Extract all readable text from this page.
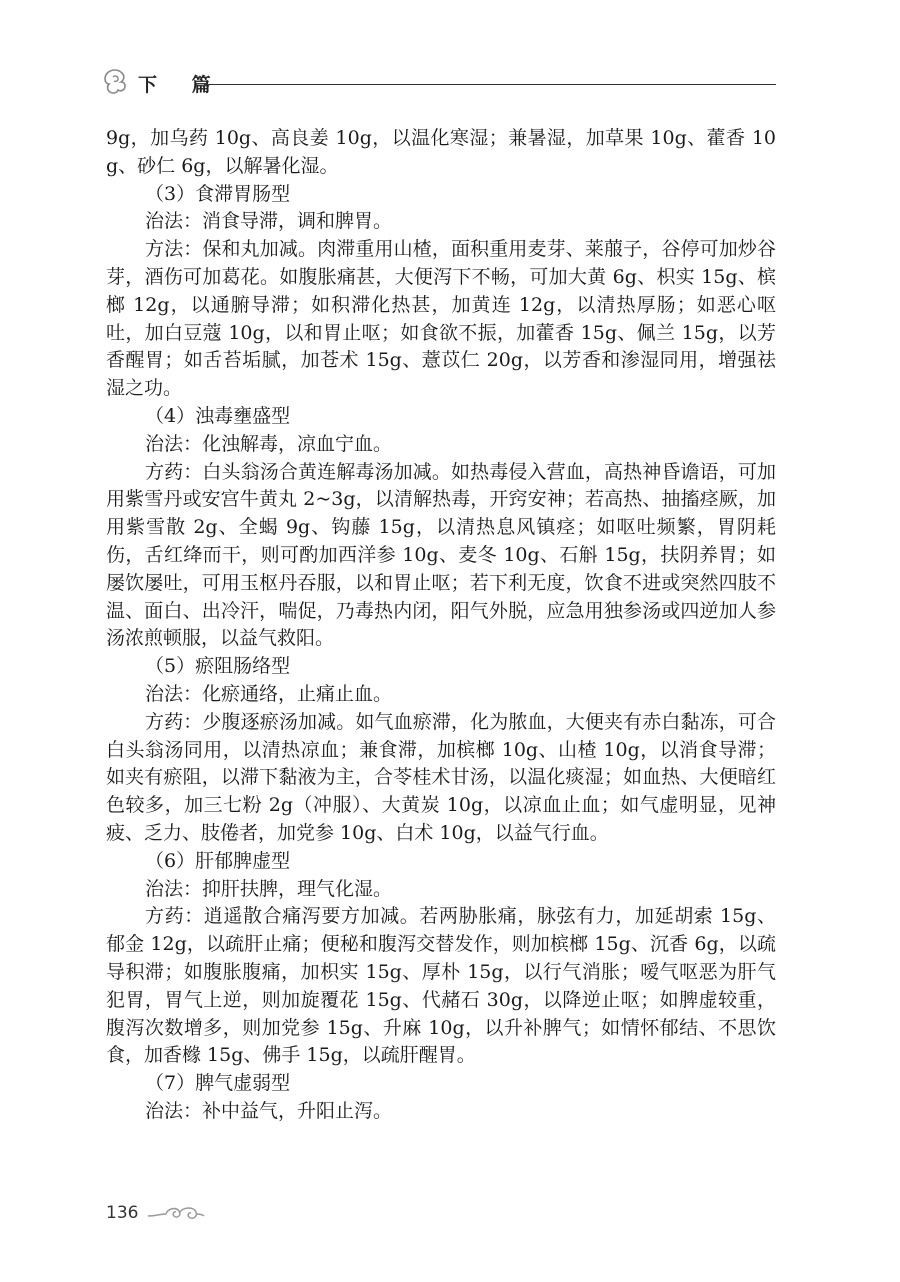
下 篇

9g，加乌药 10g、高良姜 10g，以温化寒湿；兼暑湿，加草果 10g、藿香 10g、砂仁 6g，以解暑化湿。

（3）食滞胃肠型

治法：消食导滞，调和脾胃。

方法：保和丸加减。肉滞重用山楂，面积重用麦芽、莱菔子，谷停可加炒谷芽，酒伤可加葛花。如腹胀痛甚，大便泻下不畅，可加大黄 6g、枳实 15g、槟榔 12g，以通腑导滞；如积滞化热甚，加黄连 12g，以清热厚肠；如恶心呕吐，加白豆蔻 10g，以和胃止呕；如食欲不振，加藿香 15g、佩兰 15g，以芳香醒胃；如舌苔垢腻，加苍术 15g、薏苡仁 20g，以芳香和渗湿同用，增强祛湿之功。

（4）浊毒壅盛型

治法：化浊解毒，凉血宁血。

方药：白头翁汤合黄连解毒汤加减。如热毒侵入营血，高热神昏谵语，可加用紫雪丹或安宫牛黄丸 2~3g，以清解热毒，开窍安神；若高热、抽搐痉厥，加用紫雪散 2g、全蝎 9g、钩藤 15g，以清热息风镇痉；如呕吐频繁，胃阴耗伤，舌红绛而干，则可酌加西洋参 10g、麦冬 10g、石斛 15g，扶阴养胃；如屡饮屡吐，可用玉枢丹吞服，以和胃止呕；若下利无度，饮食不进或突然四肢不温、面白、出冷汗，喘促，乃毒热内闭，阳气外脱，应急用独参汤或四逆加人参汤浓煎顿服，以益气救阳。

（5）瘀阻肠络型

治法：化瘀通络，止痛止血。

方药：少腹逐瘀汤加减。如气血瘀滞，化为脓血，大便夹有赤白黏冻，可合白头翁汤同用，以清热凉血；兼食滞，加槟榔 10g、山楂 10g，以消食导滞；如夹有瘀阻，以滞下黏液为主，合苓桂术甘汤，以温化痰湿；如血热、大便暗红色较多，加三七粉 2g（冲服）、大黄炭 10g，以凉血止血；如气虚明显，见神疲、乏力、肢倦者，加党参 10g、白术 10g，以益气行血。

（6）肝郁脾虚型

治法：抑肝扶脾，理气化湿。

方药：逍遥散合痛泻要方加减。若两胁胀痛，脉弦有力，加延胡索 15g、郁金 12g，以疏肝止痛；便秘和腹泻交替发作，则加槟榔 15g、沉香 6g，以疏导积滞；如腹胀腹痛，加枳实 15g、厚朴 15g，以行气消胀；嗳气呕恶为肝气犯胃，胃气上逆，则加旋覆花 15g、代赭石 30g，以降逆止呕；如脾虚较重，腹泻次数增多，则加党参 15g、升麻 10g，以升补脾气；如情怀郁结、不思饮食，加香橼 15g、佛手 15g，以疏肝醒胃。

（7）脾气虚弱型

治法：补中益气，升阳止泻。

136
